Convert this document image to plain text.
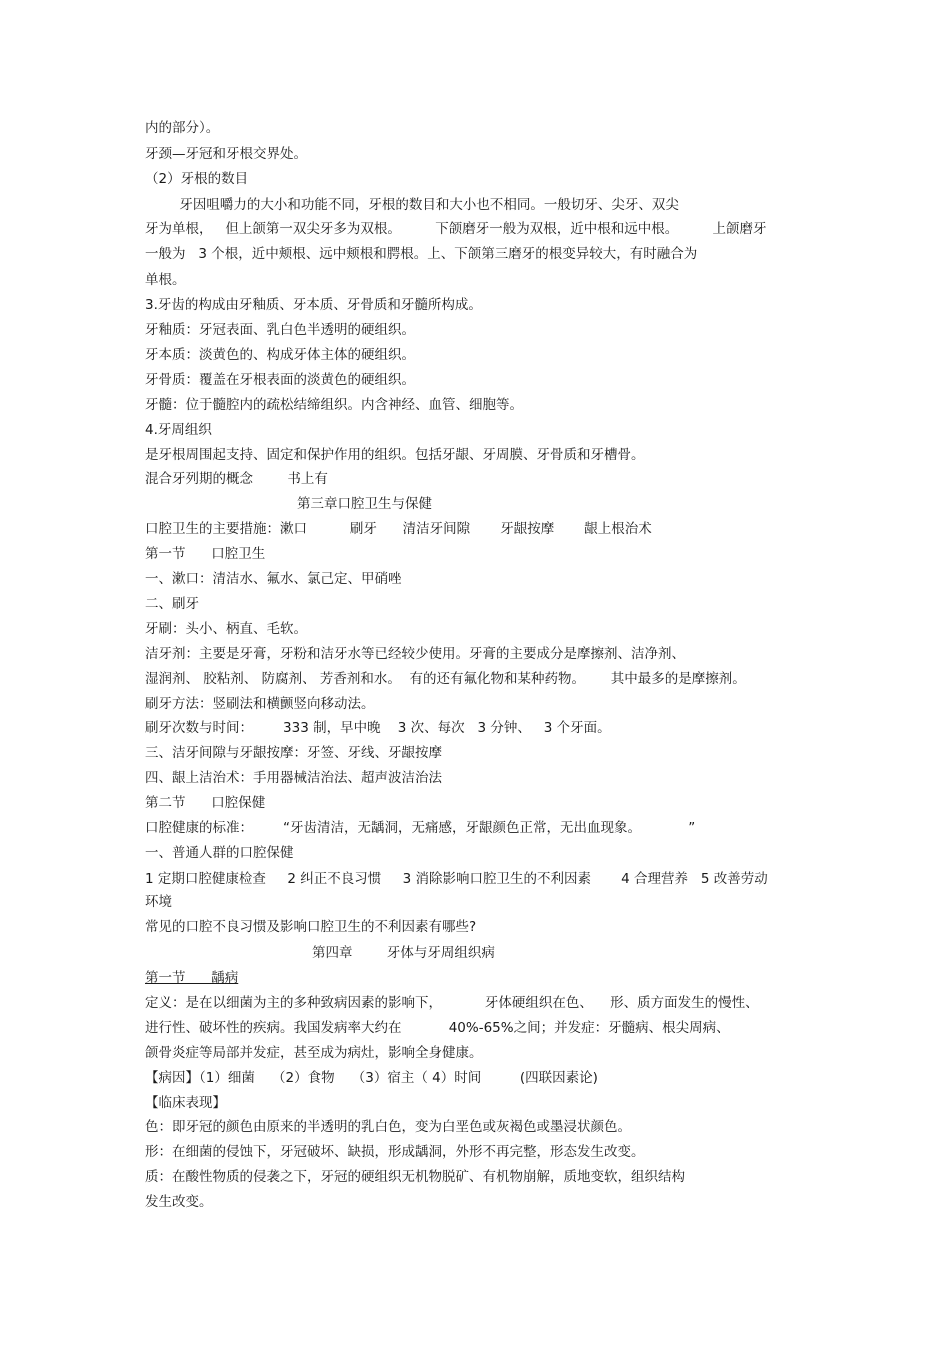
内的部分）。
牙颈—牙冠和牙根交界处。
（2）牙根的数目
牙因咀嚼力的大小和功能不同，牙根的数目和大小也不相同。一般切牙、尖牙、双尖
牙为单根，   但上颌第一双尖牙多为双根。        下颌磨牙一般为双根，近中根和远中根。        上颌磨牙
一般为   3 个根，近中颊根、远中颊根和腭根。上、下颌第三磨牙的根变异较大，有时融合为
单根。
3.牙齿的构成由牙釉质、牙本质、牙骨质和牙髓所构成。
牙釉质：牙冠表面、乳白色半透明的硬组织。
牙本质：淡黄色的、构成牙体主体的硬组织。
牙骨质：覆盖在牙根表面的淡黄色的硬组织。
牙髓：位于髓腔内的疏松结缔组织。内含神经、血管、细胞等。
4.牙周组织
是牙根周围起支持、固定和保护作用的组织。包括牙龈、牙周膜、牙骨质和牙槽骨。
混合牙列期的概念        书上有
第三章口腔卫生与保健
口腔卫生的主要措施：漱口          刷牙      清洁牙间隙       牙龈按摩       龈上根治术
第一节      口腔卫生
一、漱口：清洁水、氟水、氯己定、甲硝唑
二、刷牙
牙刷：头小、柄直、毛软。
洁牙剂：主要是牙膏，牙粉和洁牙水等已经较少使用。牙膏的主要成分是摩擦剂、洁净剂、
湿润剂、 胶粘剂、 防腐剂、 芳香剂和水。  有的还有氟化物和某种药物。      其中最多的是摩擦剂。
刷牙方法：竖刷法和横颤竖向移动法。
刷牙次数与时间：       333 制，早中晚    3 次、每次   3 分钟、   3 个牙面。
三、洁牙间隙与牙龈按摩：牙签、牙线、牙龈按摩
四、龈上洁治术：手用器械洁治法、超声波洁治法
第二节      口腔保健
口腔健康的标准：       “牙齿清洁，无龋洞，无痛感，牙龈颜色正常，无出血现象。           ”
一、普通人群的口腔保健
1 定期口腔健康检查     2 纠正不良习惯     3 消除影响口腔卫生的不利因素       4 合理营养   5 改善劳动
环境
常见的口腔不良习惯及影响口腔卫生的不利因素有哪些?
第四章        牙体与牙周组织病
第一节      龋病
定义：是在以细菌为主的多种致病因素的影响下，          牙体硬组织在色、    形、质方面发生的慢性、
进行性、破坏性的疾病。我国发病率大约在           40%-65%之间；并发症：牙髓病、根尖周病、
颌骨炎症等局部并发症，甚至成为病灶，影响全身健康。
【病因】（1）细菌    （2）食物    （3）宿主（ 4）时间         (四联因素论)
【临床表现】
色：即牙冠的颜色由原来的半透明的乳白色，变为白垩色或灰褐色或墨浸状颜色。
形：在细菌的侵蚀下，牙冠破坏、缺损，形成龋洞，外形不再完整，形态发生改变。
质：在酸性物质的侵袭之下，牙冠的硬组织无机物脱矿、有机物崩解，质地变软，组织结构
发生改变。
